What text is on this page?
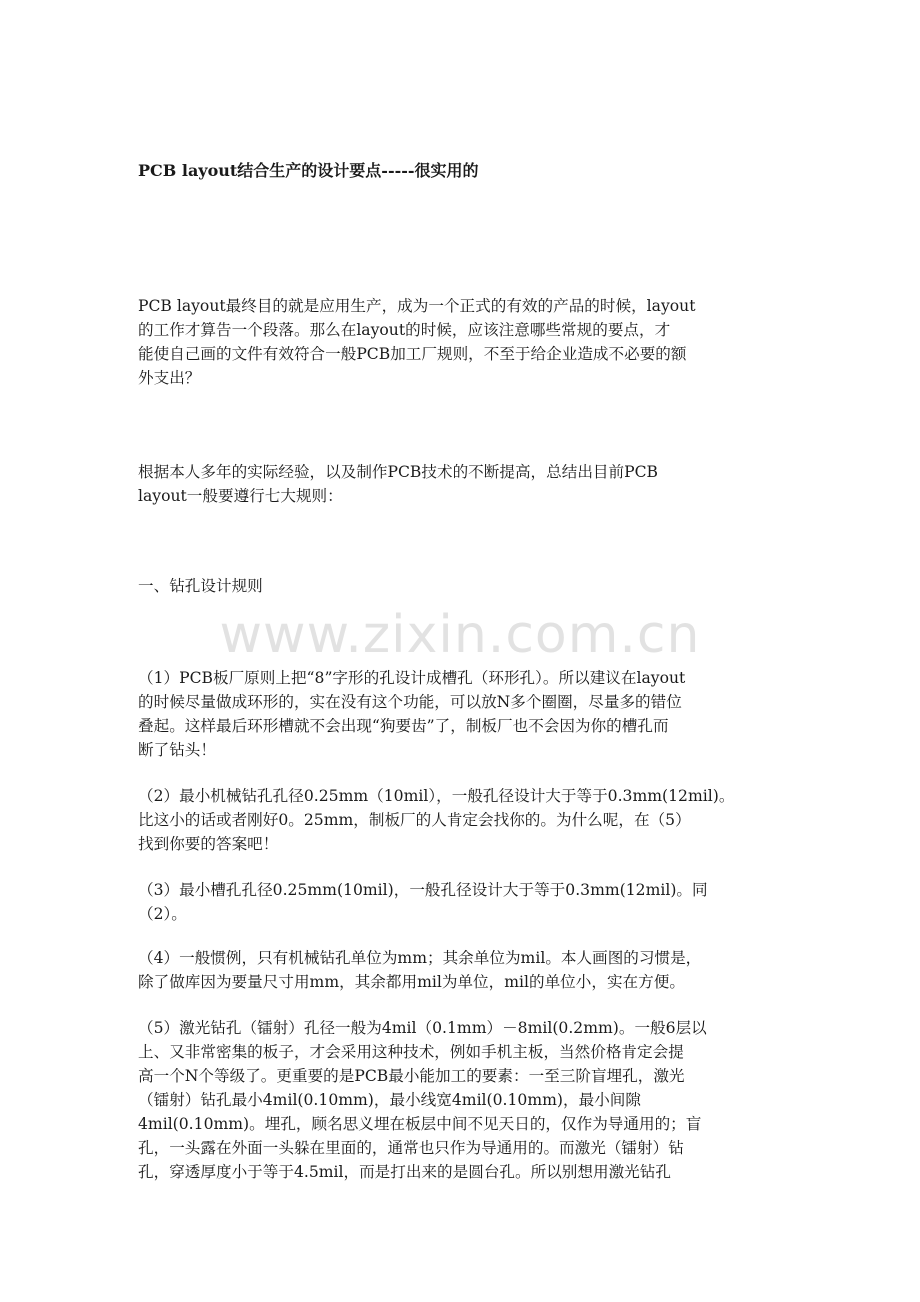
www.zixin.com.cn
PCB layout结合生产的设计要点-----很实用的
PCB layout最终目的就是应用生产，成为一个正式的有效的产品的时候，layout
的工作才算告一个段落。那么在layout的时候，应该注意哪些常规的要点，才
能使自己画的文件有效符合一般PCB加工厂规则，不至于给企业造成不必要的额
外支出？
根据本人多年的实际经验，以及制作PCB技术的不断提高，总结出目前PCB
layout一般要遵行七大规则：
一、钻孔设计规则
（1）PCB板厂原则上把“8”字形的孔设计成槽孔（环形孔）。所以建议在layout
的时候尽量做成环形的，实在没有这个功能，可以放N多个圈圈，尽量多的错位
叠起。这样最后环形槽就不会出现“狗要齿”了，制板厂也不会因为你的槽孔而
断了钻头！
（2）最小机械钻孔孔径0.25mm（10mil），一般孔径设计大于等于0.3mm(12mil)。
比这小的话或者刚好0。25mm，制板厂的人肯定会找你的。为什么呢，在（5）
找到你要的答案吧！
（3）最小槽孔孔径0.25mm(10mil)，一般孔径设计大于等于0.3mm(12mil)。同
（2）。
（4）一般惯例，只有机械钻孔单位为mm；其余单位为mil。本人画图的习惯是，
除了做库因为要量尺寸用mm，其余都用mil为单位，mil的单位小，实在方便。
（5）激光钻孔（镭射）孔径一般为4mil（0.1mm）－8mil(0.2mm)。一般6层以
上、又非常密集的板子，才会采用这种技术，例如手机主板，当然价格肯定会提
高一个N个等级了。更重要的是PCB最小能加工的要素：一至三阶盲埋孔，激光
（镭射）钻孔最小4mil(0.10mm)，最小线宽4mil(0.10mm)，最小间隙
4mil(0.10mm)。埋孔，顾名思义埋在板层中间不见天日的，仅作为导通用的；盲
孔，一头露在外面一头躲在里面的，通常也只作为导通用的。而激光（镭射）钻
孔，穿透厚度小于等于4.5mil，而是打出来的是圆台孔。所以别想用激光钻孔
